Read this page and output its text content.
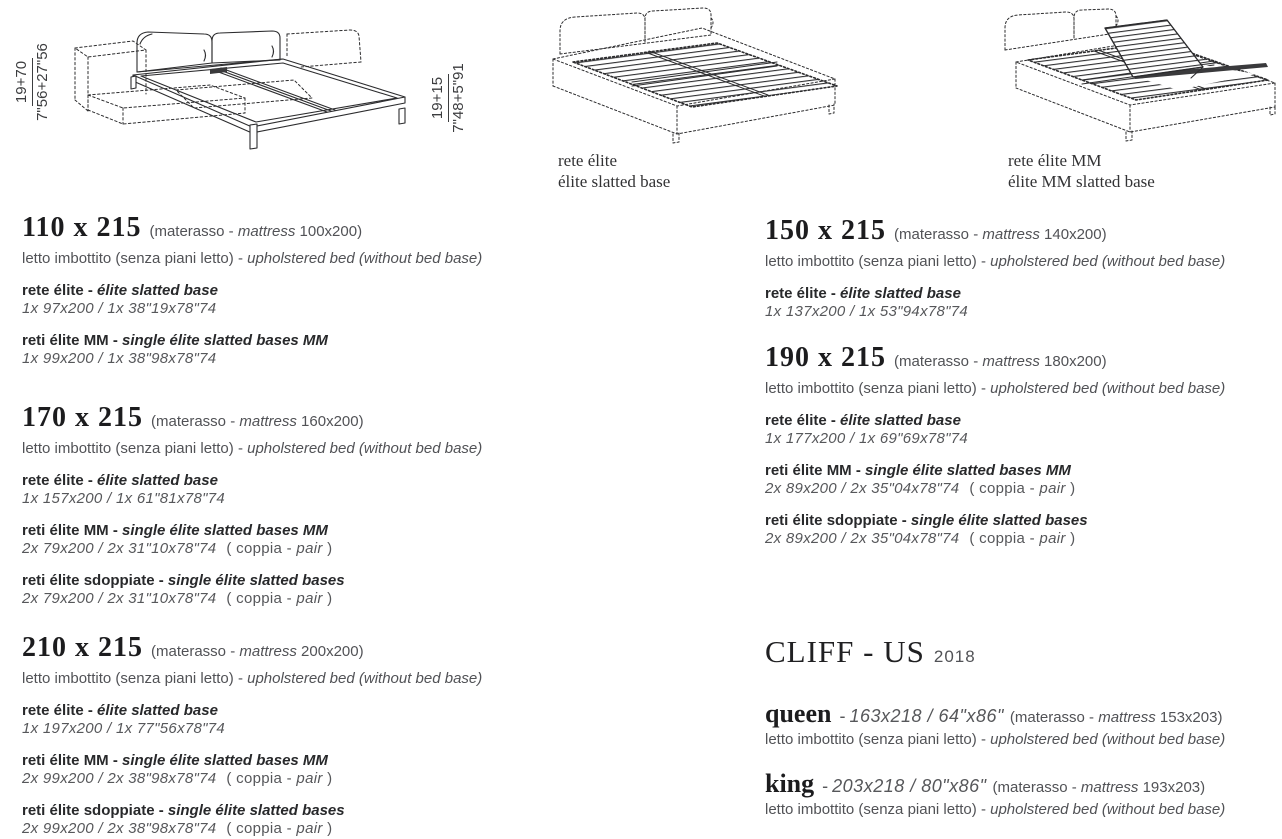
19+70 7"56+27"56	19+15 7"48+5"91
rete élite
élite slatted base
rete élite MM
élite MM slatted base
110 x 215 (materasso - mattress 100x200)
letto imbottito (senza piani letto) - upholstered bed (without bed base)
rete élite - élite slatted base
1x 97x200 / 1x 38"19x78"74
reti élite MM - single élite slatted bases MM
1x 99x200 / 1x 38"98x78"74
170 x 215 (materasso - mattress 160x200)
letto imbottito (senza piani letto) - upholstered bed (without bed base)
rete élite - élite slatted base
1x 157x200 / 1x 61"81x78"74
reti élite MM - single élite slatted bases MM
2x 79x200 / 2x 31"10x78"74 ( coppia - pair )
reti élite sdoppiate - single élite slatted bases
2x 79x200 / 2x 31"10x78"74 ( coppia - pair )
210 x 215 (materasso - mattress 200x200)
letto imbottito (senza piani letto) - upholstered bed (without bed base)
rete élite - élite slatted base
1x 197x200 / 1x 77"56x78"74
reti élite MM - single élite slatted bases MM
2x 99x200 / 2x 38"98x78"74 ( coppia - pair )
reti élite sdoppiate - single élite slatted bases
2x 99x200 / 2x 38"98x78"74 ( coppia - pair )
150 x 215 (materasso - mattress 140x200)
letto imbottito (senza piani letto) - upholstered bed (without bed base)
rete élite - élite slatted base
1x 137x200 / 1x 53"94x78"74
190 x 215 (materasso - mattress 180x200)
letto imbottito (senza piani letto) - upholstered bed (without bed base)
rete élite - élite slatted base
1x 177x200 / 1x 69"69x78"74
reti élite MM - single élite slatted bases MM
2x 89x200 / 2x 35"04x78"74 ( coppia - pair )
reti élite sdoppiate - single élite slatted bases
2x 89x200 / 2x 35"04x78"74 ( coppia - pair )
CLIFF - US 2018
queen - 163x218 / 64"x86" (materasso - mattress 153x203)
letto imbottito (senza piani letto) - upholstered bed (without bed base)
king - 203x218 / 80"x86" (materasso - mattress 193x203)
letto imbottito (senza piani letto) - upholstered bed (without bed base)
